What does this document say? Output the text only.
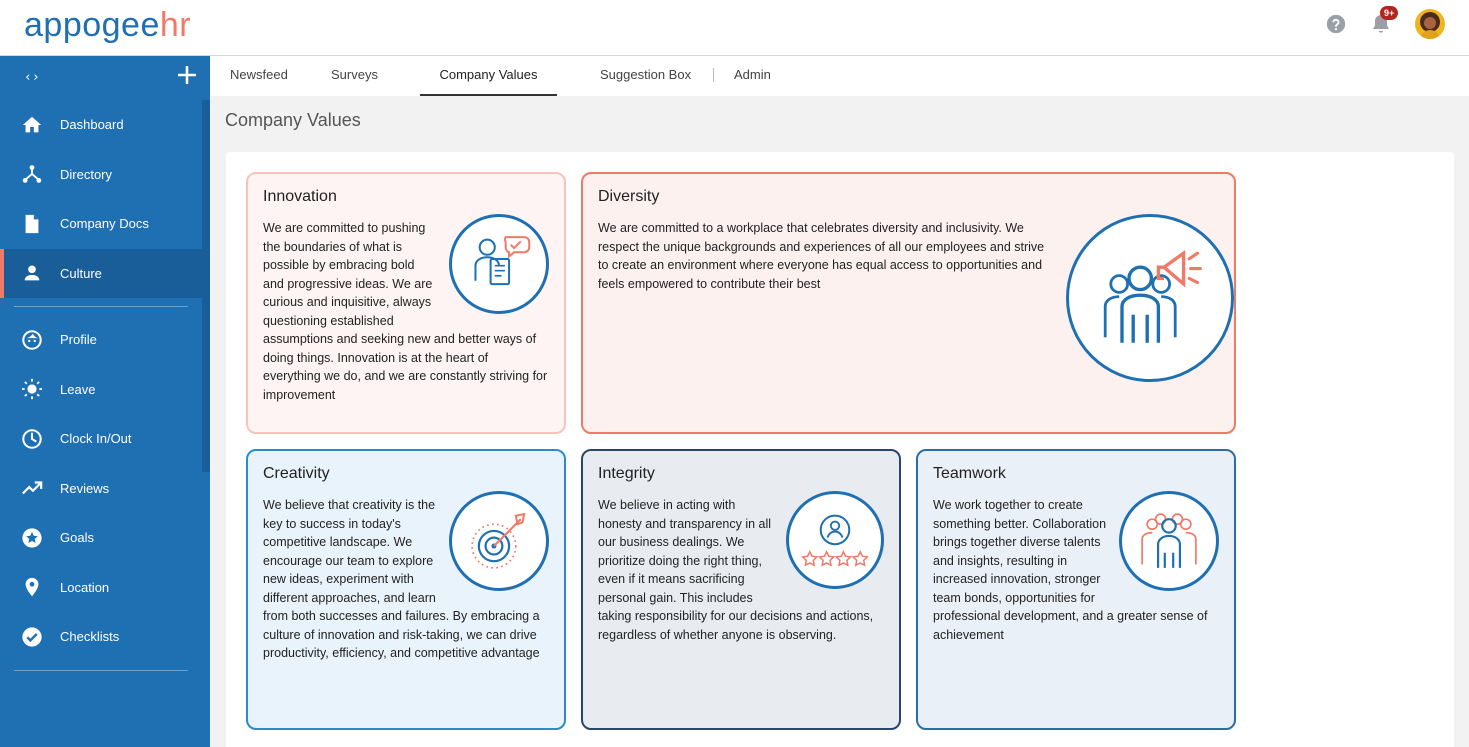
appogeehr	9+
‹›
Dashboard
Directory
Company Docs
Culture
Profile
Leave
Clock In/Out
Reviews
Goals
Location
Checklists
Newsfeed	Surveys	Company Values	Suggestion Box	Admin
Company Values
Innovation

We are committed to pushing the boundaries of what is possible by embracing bold and progressive ideas. We are curious and inquisitive, always questioning established assumptions and seeking new and better ways of doing things. Innovation is at the heart of everything we do, and we are constantly striving for improvement

Diversity

We are committed to a workplace that celebrates diversity and inclusivity. We respect the unique backgrounds and experiences of all our employees and strive to create an environment where everyone has equal access to opportunities and feels empowered to contribute their best

Creativity

We believe that creativity is the key to success in today's competitive landscape. We encourage our team to explore new ideas, experiment with different approaches, and learn from both successes and failures. By embracing a culture of innovation and risk-taking, we can drive productivity, efficiency, and competitive advantage

Integrity

We believe in acting with honesty and transparency in all our business dealings. We prioritize doing the right thing, even if it means sacrificing personal gain. This includes taking responsibility for our decisions and actions, regardless of whether anyone is observing.

Teamwork

We work together to create something better. Collaboration brings together diverse talents and insights, resulting in increased innovation, stronger team bonds, opportunities for professional development, and a greater sense of achievement
